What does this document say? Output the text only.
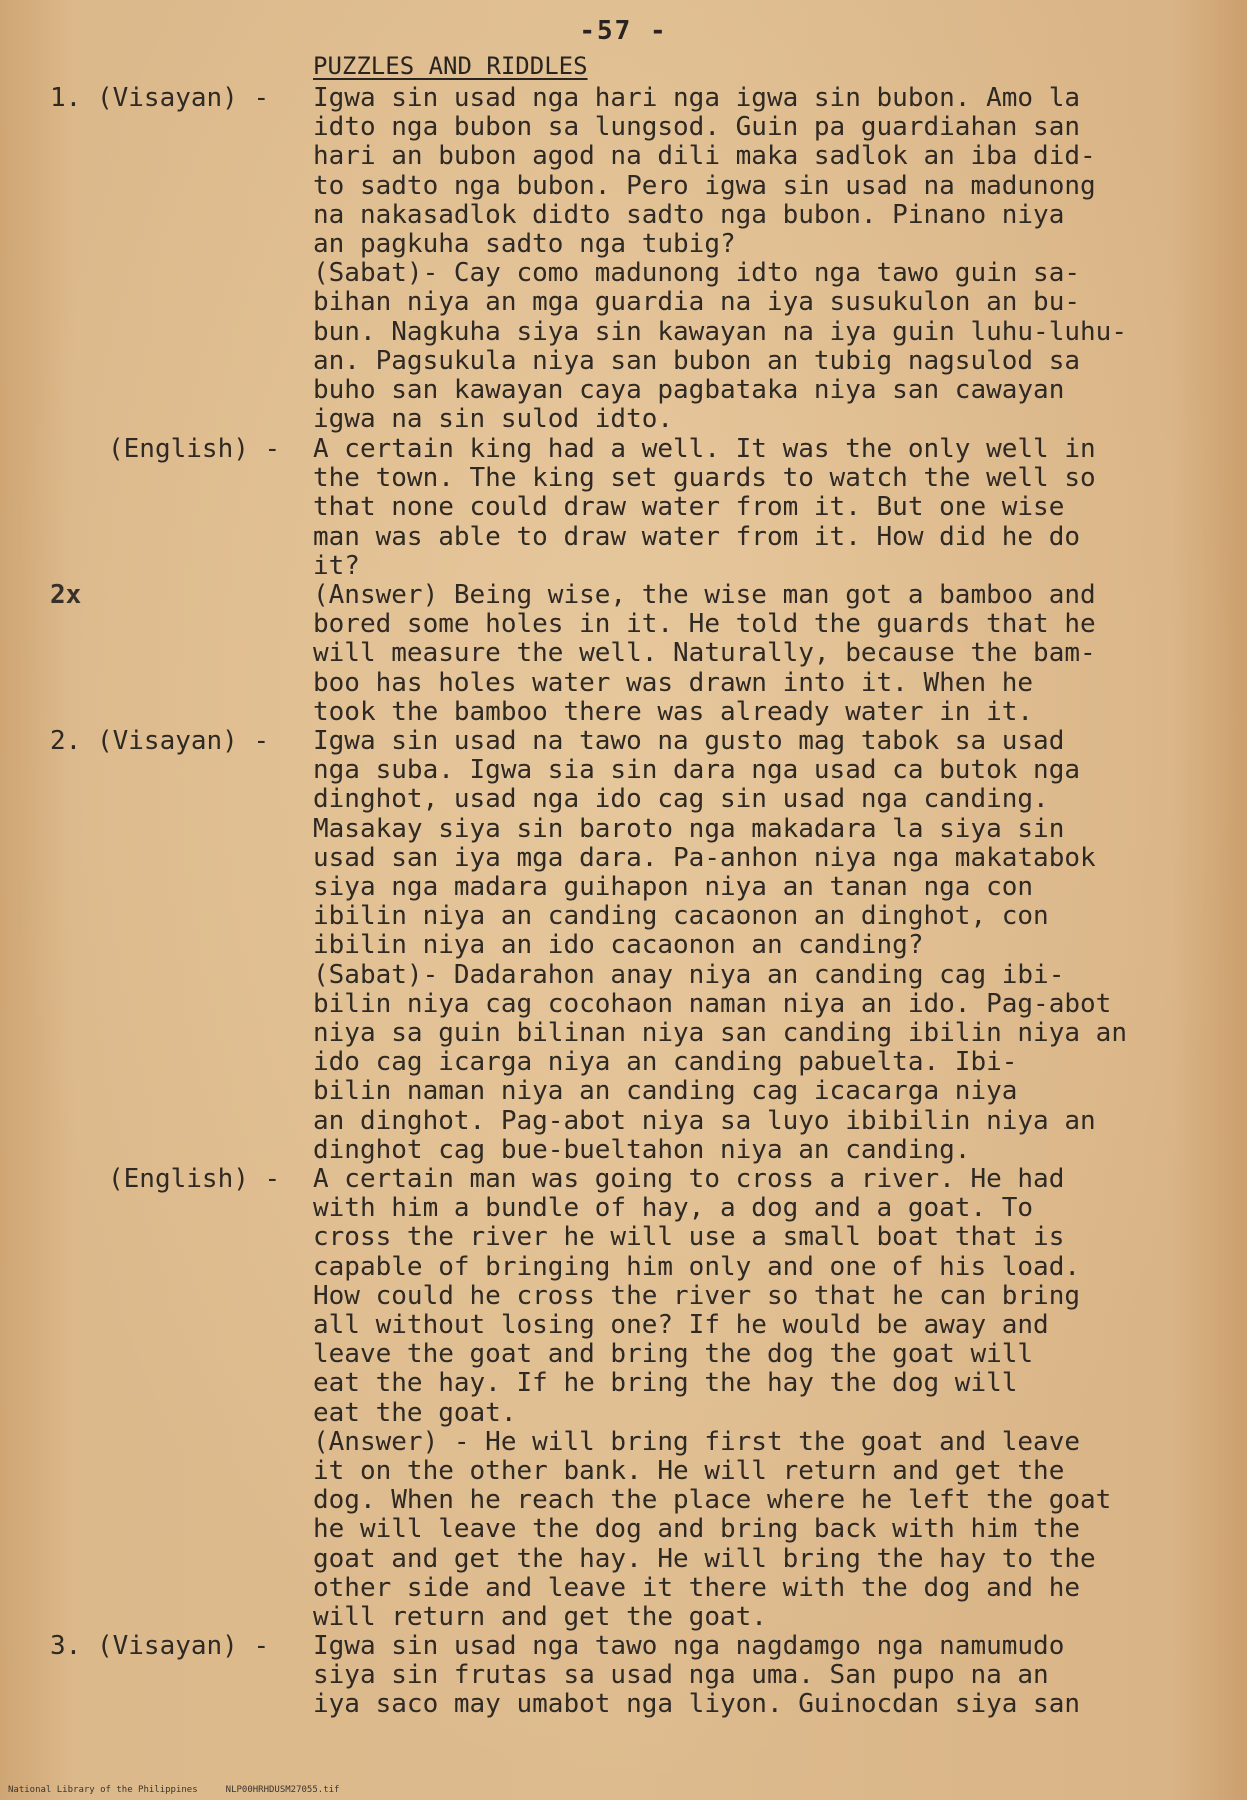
-57 -
PUZZLES AND RIDDLES
1. (Visayan) - Igwa sin usad nga hari nga igwa sin bubon. Amo la
idto nga bubon sa lungsod. Guin pa guardiahan san
hari an bubon agod na dili maka sadlok an iba did-
to sadto nga bubon. Pero igwa sin usad na madunong
na nakasadlok didto sadto nga bubon. Pinano niya
an pagkuha sadto nga tubig?
(Sabat)- Cay como madunong idto nga tawo guin sa-
bihan niya an mga guardia na iya susukulon an bu-
bun. Nagkuha siya sin kawayan na iya guin luhu-luhu-
an. Pagsukula niya san bubon an tubig nagsulod sa
buho san kawayan caya pagbataka niya san cawayan
igwa na sin sulod idto.

(English) - A certain king had a well. It was the only well in
the town. The king set guards to watch the well so
that none could draw water from it. But one wise
man was able to draw water from it. How did he do
it?

2x	(Answer) Being wise, the wise man got a bamboo and
bored some holes in it. He told the guards that he
will measure the well. Naturally, because the bam-
boo has holes water was drawn into it. When he
took the bamboo there was already water in it.

2. (Visayan) - Igwa sin usad na tawo na gusto mag tabok sa usad
nga suba. Igwa sia sin dara nga usad ca butok nga
dinghot, usad nga ido cag sin usad nga canding.
Masakay siya sin baroto nga makadara la siya sin
usad san iya mga dara. Pa-anhon niya nga makatabok
siya nga madara guihapon niya an tanan nga con
ibilin niya an canding cacaonon an dinghot, con
ibilin niya an ido cacaonon an canding?
(Sabat)- Dadarahon anay niya an canding cag ibi-
bilin niya cag cocohaon naman niya an ido. Pag-abot
niya sa guin bilinan niya san canding ibilin niya an
ido cag icarga niya an canding pabuelta. Ibi-
bilin naman niya an canding cag icacarga niya
an dinghot. Pag-abot niya sa luyo ibibilin niya an
dinghot cag bue-bueltahon niya an canding.

(English) - A certain man was going to cross a river. He had
with him a bundle of hay, a dog and a goat. To
cross the river he will use a small boat that is
capable of bringing him only and one of his load.
How could he cross the river so that he can bring
all without losing one? If he would be away and
leave the goat and bring the dog the goat will
eat the hay. If he bring the hay the dog will
eat the goat.
(Answer) - He will bring first the goat and leave
it on the other bank. He will return and get the
dog. When he reach the place where he left the goat
he will leave the dog and bring back with him the
goat and get the hay. He will bring the hay to the
other side and leave it there with the dog and he
will return and get the goat.

3. (Visayan) - Igwa sin usad nga tawo nga nagdamgo nga namumudo
siya sin frutas sa usad nga uma. San pupo na an
iya saco may umabot nga liyon. Guinocdan siya san

National Library of the Philippines	NLP00HRHDUSM27055.tif
